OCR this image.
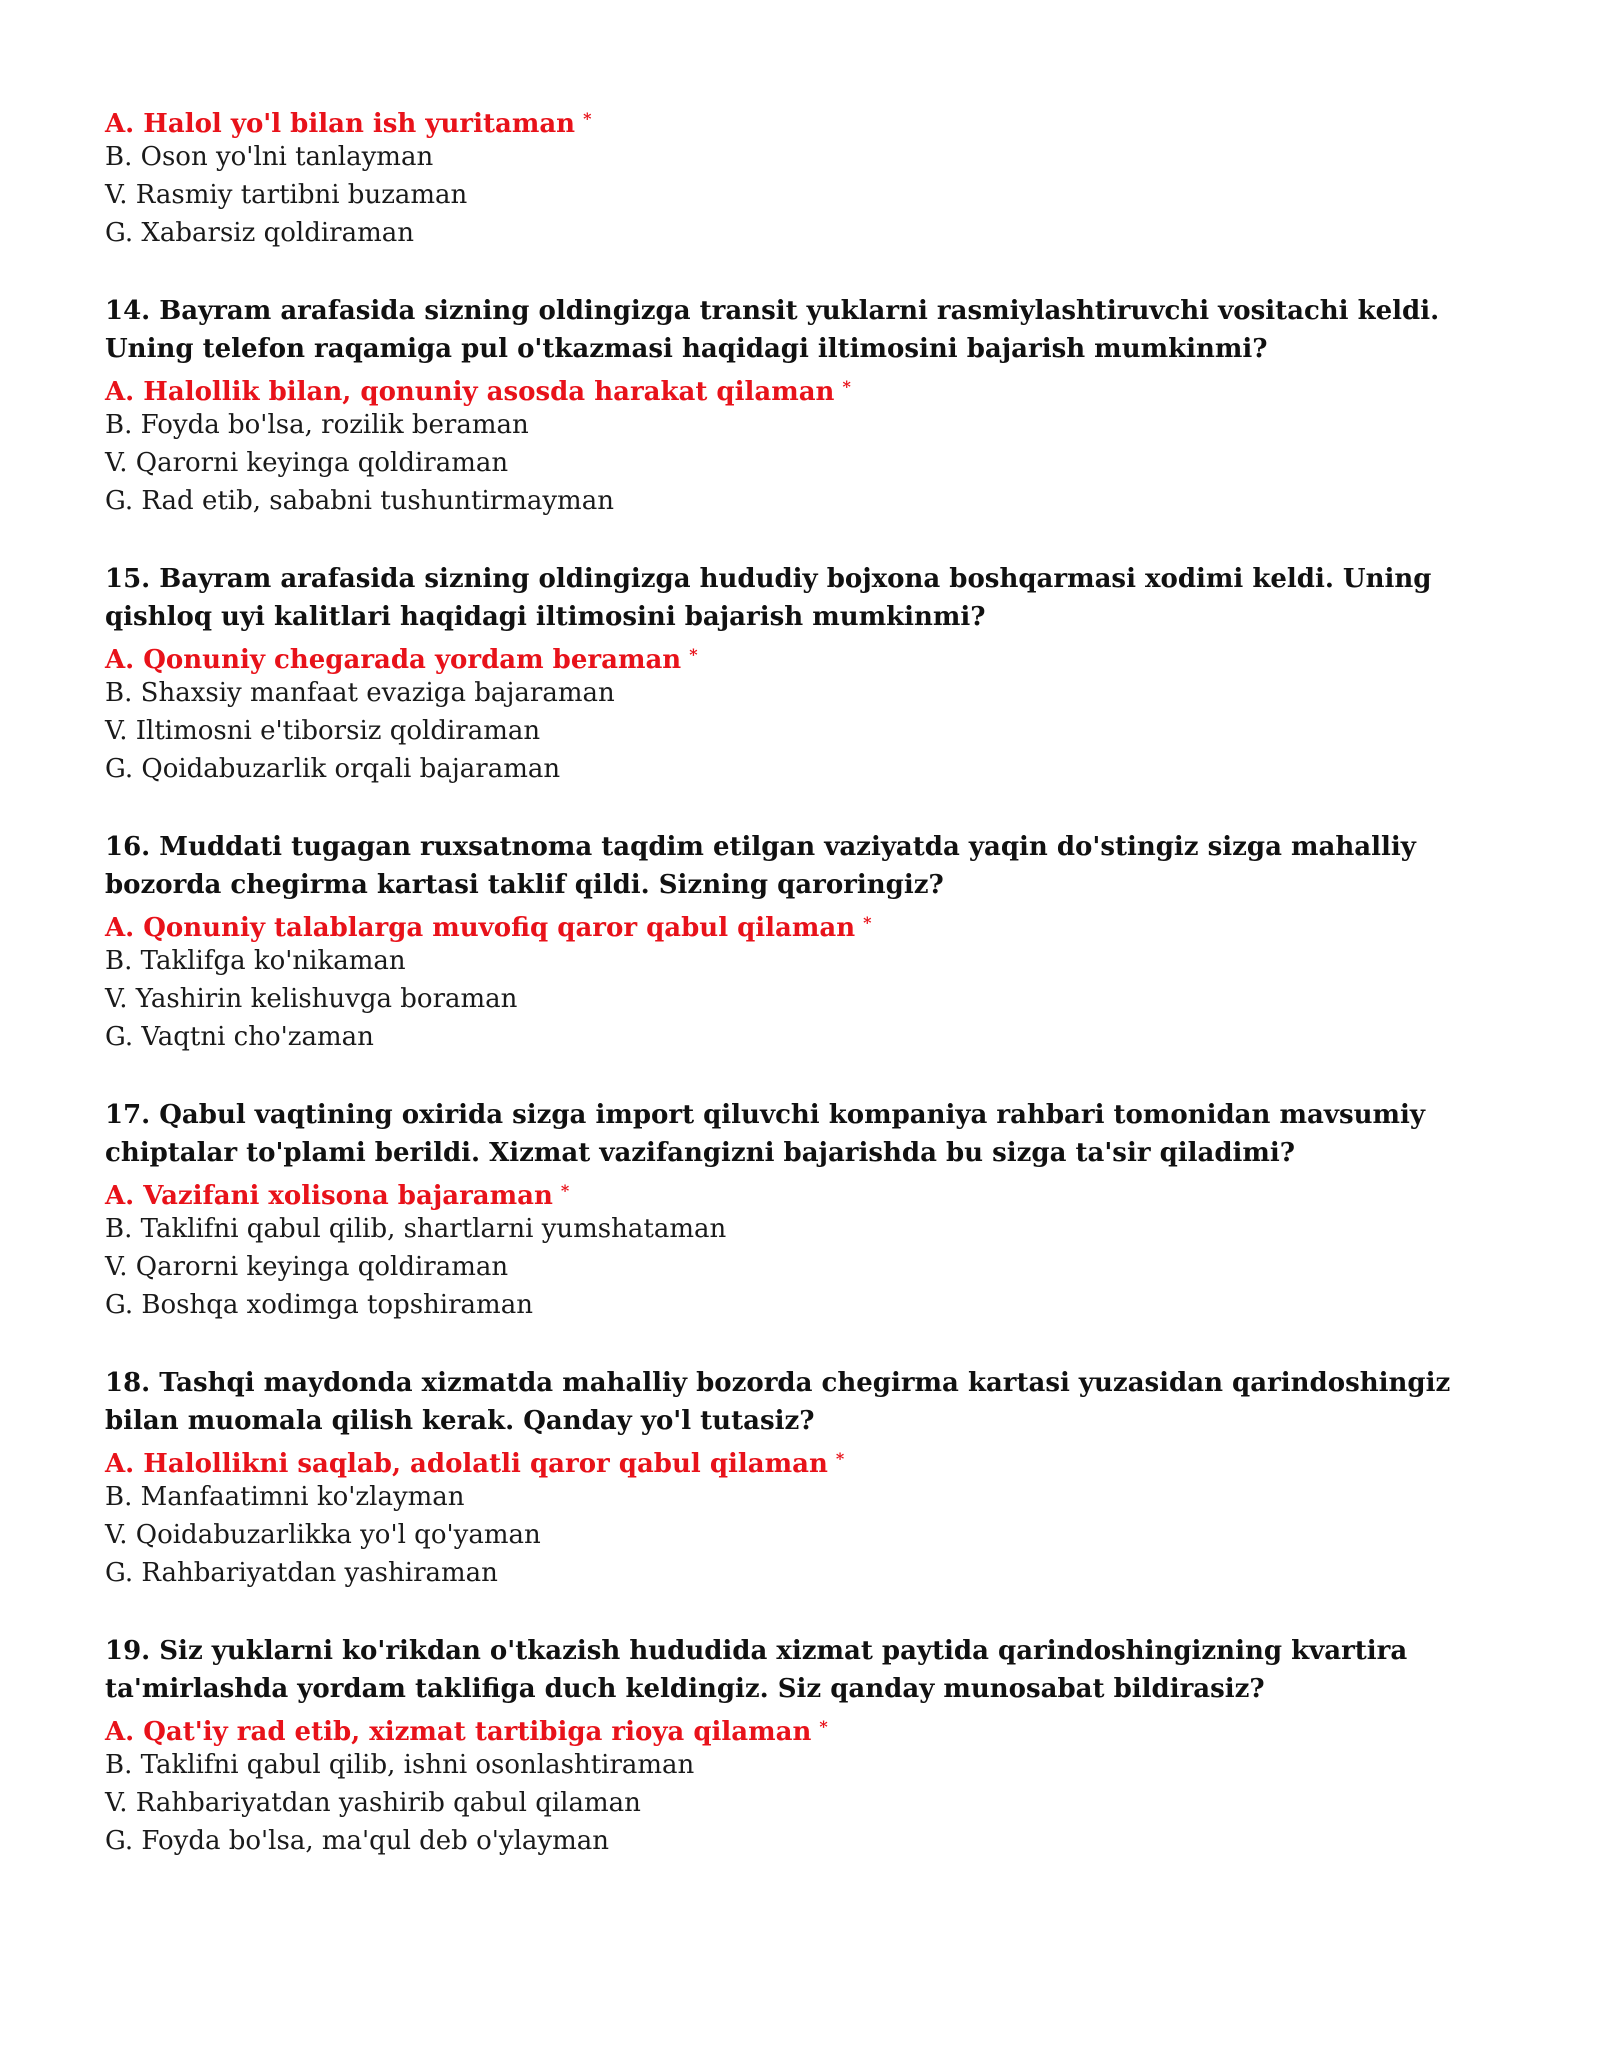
A. Halol yo'l bilan ish yuritaman *
B. Oson yo'lni tanlayman
V. Rasmiy tartibni buzaman
G. Xabarsiz qoldiraman
14. Bayram arafasida sizning oldingizga transit yuklarni rasmiylashtiruvchi vositachi keldi. Uning telefon raqamiga pul o'tkazmasi haqidagi iltimosini bajarish mumkinmi?
A. Halollik bilan, qonuniy asosda harakat qilaman *
B. Foyda bo'lsa, rozilik beraman
V. Qarorni keyinga qoldiraman
G. Rad etib, sababni tushuntirmayman
15. Bayram arafasida sizning oldingizga hududiy bojxona boshqarmasi xodimi keldi. Uning qishloq uyi kalitlari haqidagi iltimosini bajarish mumkinmi?
A. Qonuniy chegarada yordam beraman *
B. Shaxsiy manfaat evaziga bajaraman
V. Iltimosni e'tiborsiz qoldiraman
G. Qoidabuzarlik orqali bajaraman
16. Muddati tugagan ruxsatnoma taqdim etilgan vaziyatda yaqin do'stingiz sizga mahalliy bozorda chegirma kartasi taklif qildi. Sizning qaroringiz?
A. Qonuniy talablarga muvofiq qaror qabul qilaman *
B. Taklifga ko'nikaman
V. Yashirin kelishuvga boraman
G. Vaqtni cho'zaman
17. Qabul vaqtining oxirida sizga import qiluvchi kompaniya rahbari tomonidan mavsumiy chiptalar to'plami berildi. Xizmat vazifangizni bajarishda bu sizga ta'sir qiladimi?
A. Vazifani xolisona bajaraman *
B. Taklifni qabul qilib, shartlarni yumshataman
V. Qarorni keyinga qoldiraman
G. Boshqa xodimga topshiraman
18. Tashqi maydonda xizmatda mahalliy bozorda chegirma kartasi yuzasidan qarindoshingiz bilan muomala qilish kerak. Qanday yo'l tutasiz?
A. Halollikni saqlab, adolatli qaror qabul qilaman *
B. Manfaatimni ko'zlayman
V. Qoidabuzarlikka yo'l qo'yaman
G. Rahbariyatdan yashiraman
19. Siz yuklarni ko'rikdan o'tkazish hududida xizmat paytida qarindoshingizning kvartira ta'mirlashda yordam taklifiga duch keldingiz. Siz qanday munosabat bildirasiz?
A. Qat'iy rad etib, xizmat tartibiga rioya qilaman *
B. Taklifni qabul qilib, ishni osonlashtiraman
V. Rahbariyatdan yashirib qabul qilaman
G. Foyda bo'lsa, ma'qul deb o'ylayman
